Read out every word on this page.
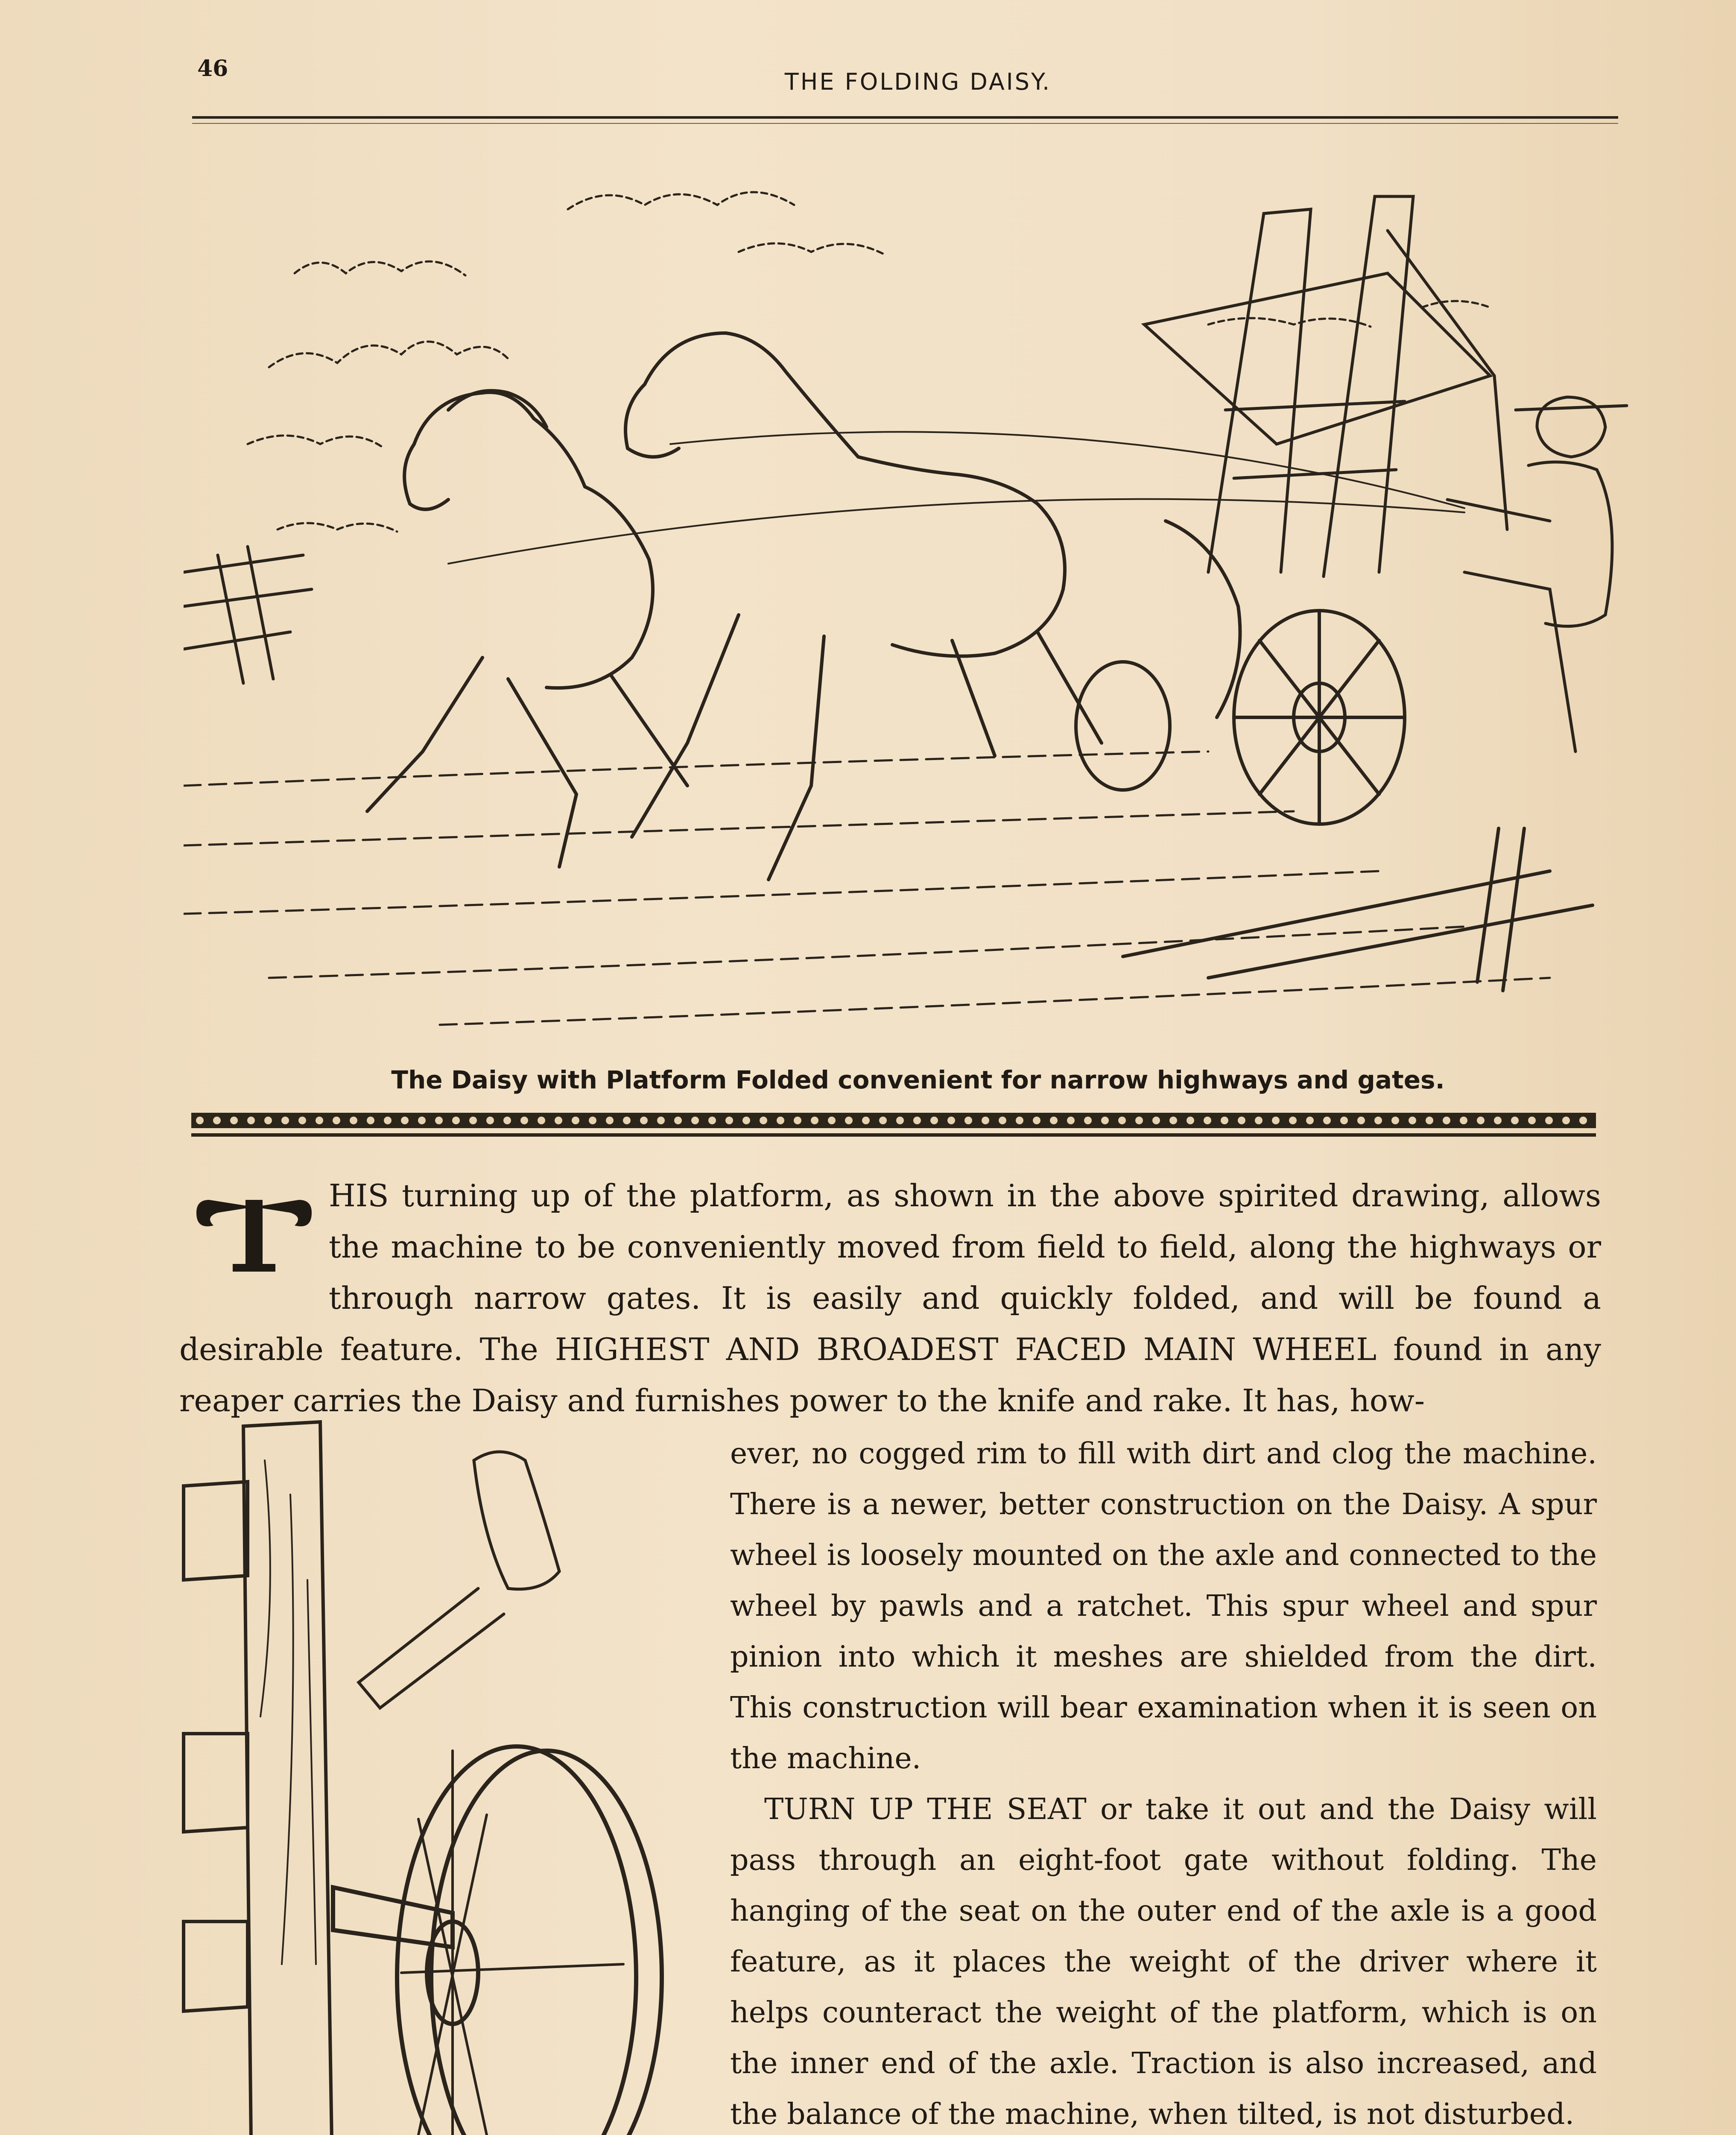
46	THE FOLDING DAISY.
The Daisy with Platform Folded convenient for narrow highways and gates.
HIS turning up of the platform, as shown in the above spirited drawing, allows the machine to be conveniently moved from field to field, along the highways or through narrow gates. It is easily and quickly folded, and will be found a desirable feature. The HIGHEST AND BROADEST FACED MAIN WHEEL found in any reaper carries the Daisy and furnishes power to the knife and rake. It has, how-

ever, no cogged rim to fill with dirt and clog the machine. There is a newer, better construction on the Daisy. A spur wheel is loosely mounted on the axle and connected to the wheel by pawls and a ratchet. This spur wheel and spur pinion into which it meshes are shielded from the dirt. This construction will bear examination when it is seen on the machine.

TURN UP THE SEAT or take it out and the Daisy will pass through an eight-foot gate without folding. The hanging of the seat on the outer end of the axle is a good feature, as it places the weight of the driver where it helps counteract the weight of the platform, which is on the inner end of the axle. Traction is also increased, and the balance of the machine, when tilted, is not disturbed.
